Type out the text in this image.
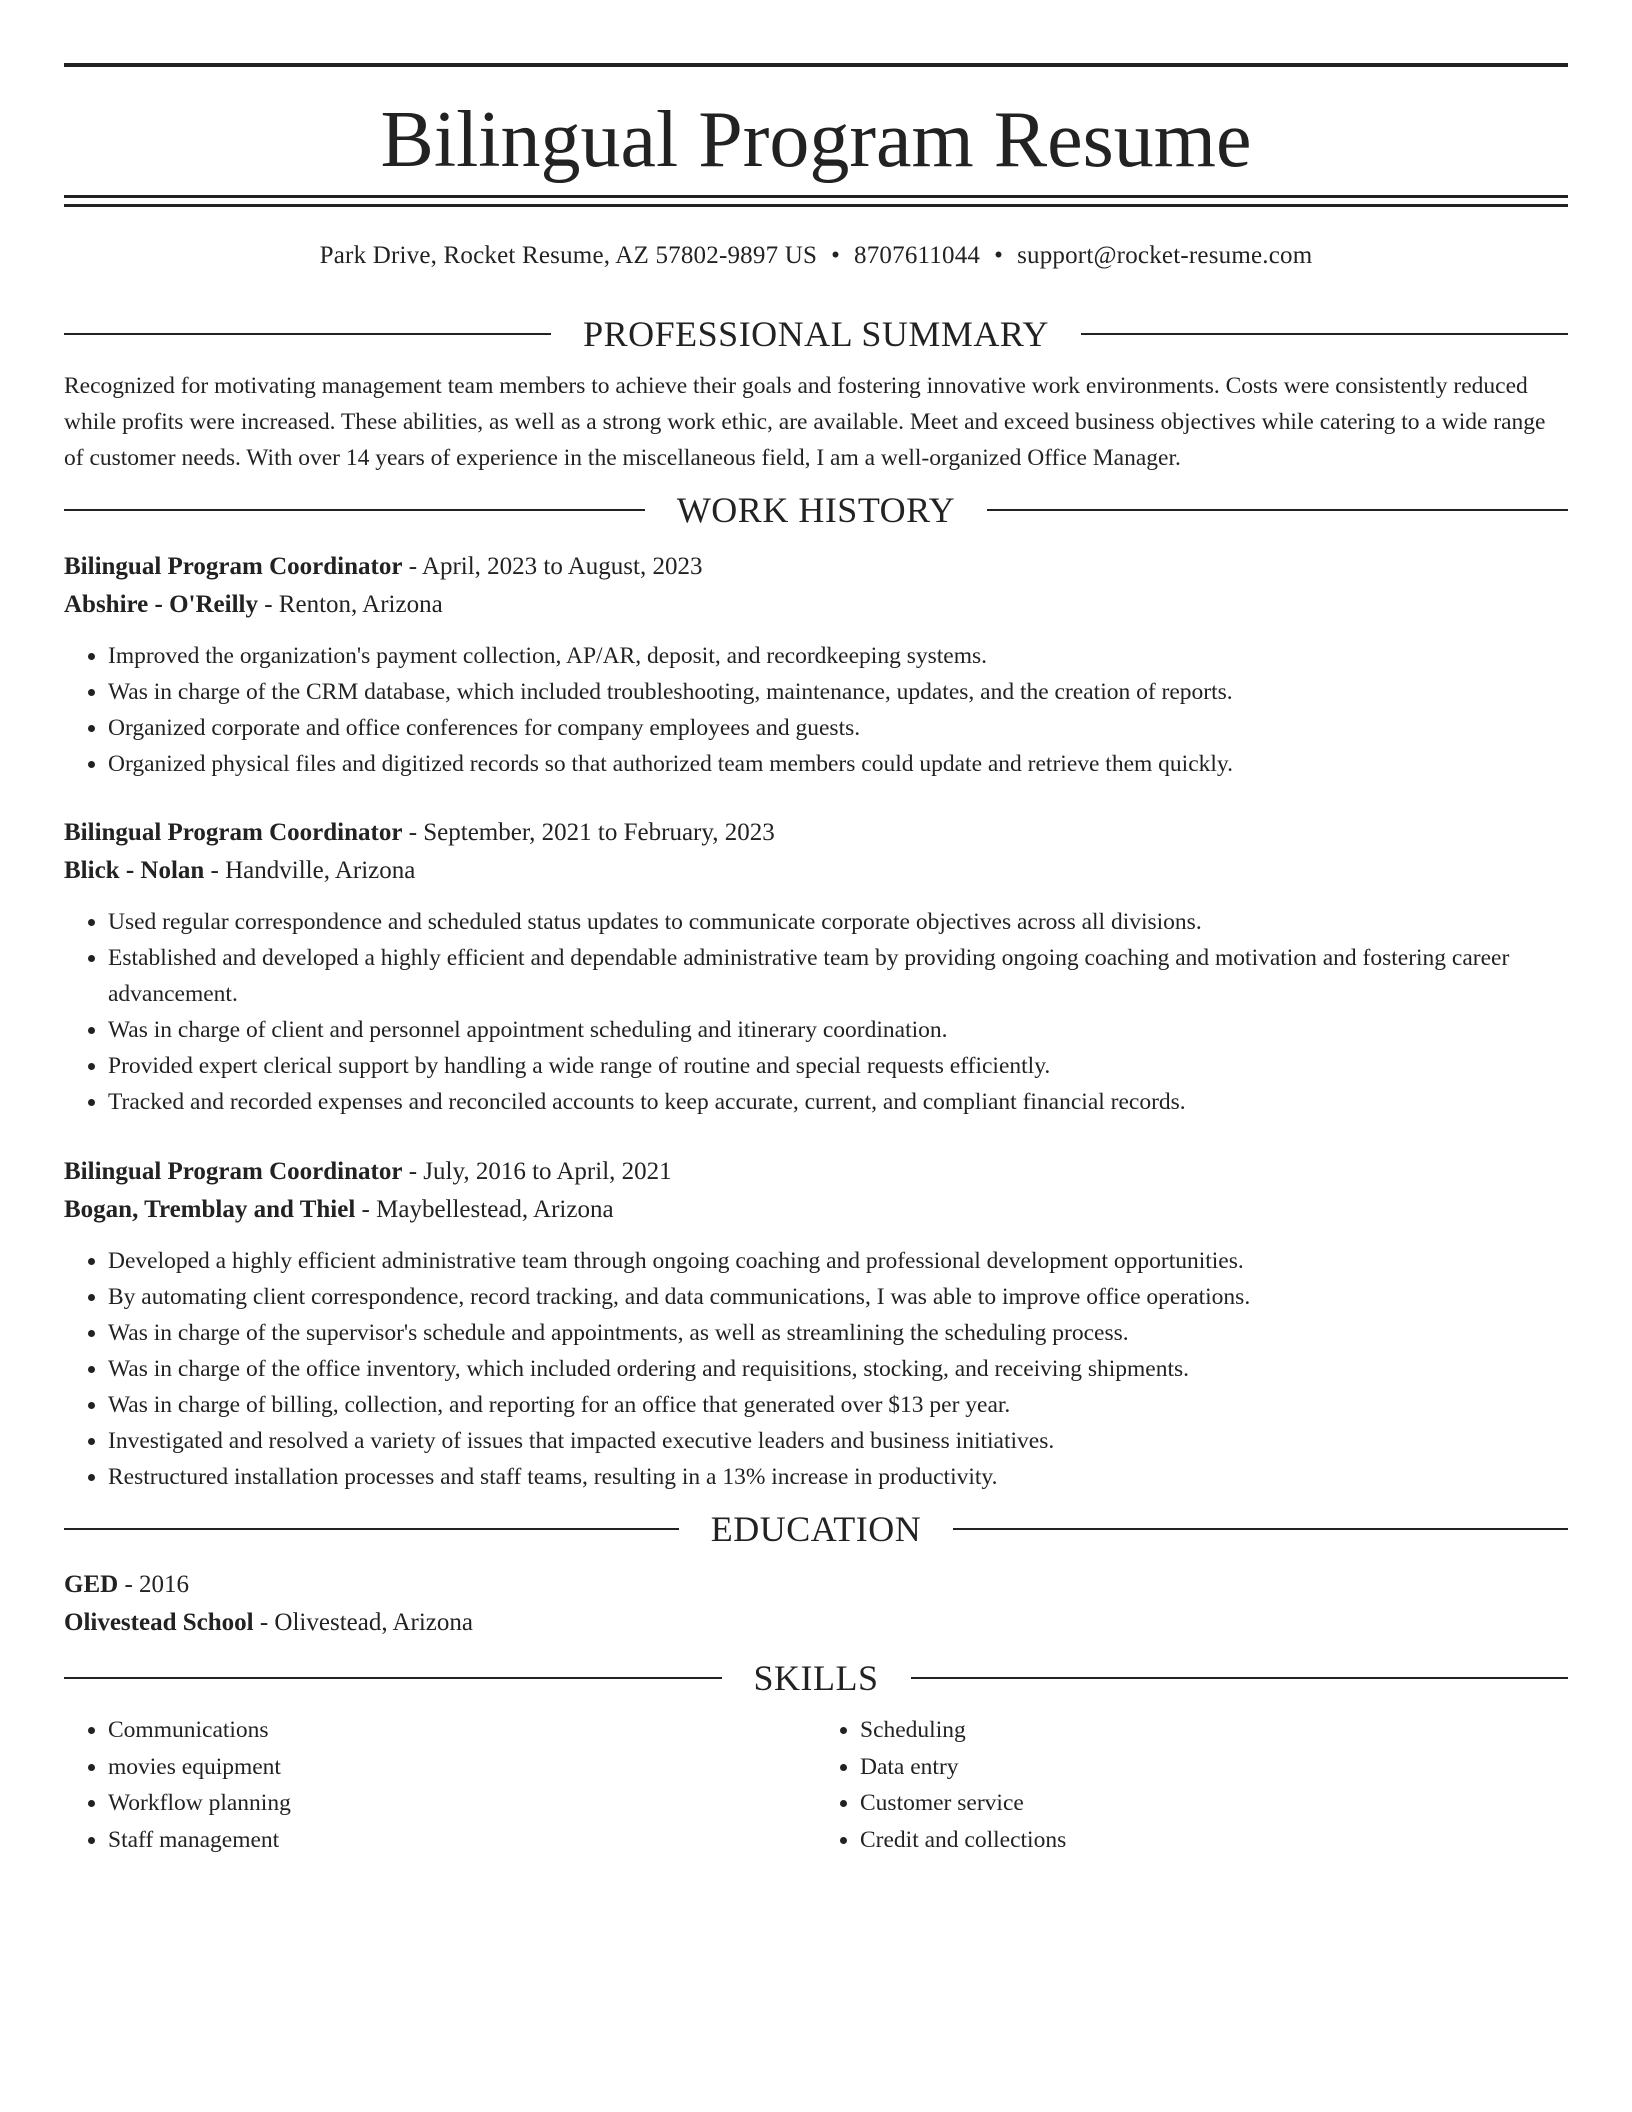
Bilingual Program Resume
Park Drive, Rocket Resume, AZ 57802-9897 US • 8707611044 • support@rocket-resume.com
PROFESSIONAL SUMMARY

Recognized for motivating management team members to achieve their goals and fostering innovative work environments. Costs were consistently reduced while profits were increased. These abilities, as well as a strong work ethic, are available. Meet and exceed business objectives while catering to a wide range of customer needs. With over 14 years of experience in the miscellaneous field, I am a well-organized Office Manager.

WORK HISTORY
Bilingual Program Coordinator - April, 2023 to August, 2023
Abshire - O'Reilly - Renton, Arizona
• Improved the organization's payment collection, AP/AR, deposit, and recordkeeping systems.
• Was in charge of the CRM database, which included troubleshooting, maintenance, updates, and the creation of reports.
• Organized corporate and office conferences for company employees and guests.
• Organized physical files and digitized records so that authorized team members could update and retrieve them quickly.
Bilingual Program Coordinator - September, 2021 to February, 2023
Blick - Nolan - Handville, Arizona
• Used regular correspondence and scheduled status updates to communicate corporate objectives across all divisions.
• Established and developed a highly efficient and dependable administrative team by providing ongoing coaching and motivation and fostering career advancement.
• Was in charge of client and personnel appointment scheduling and itinerary coordination.
• Provided expert clerical support by handling a wide range of routine and special requests efficiently.
• Tracked and recorded expenses and reconciled accounts to keep accurate, current, and compliant financial records.
Bilingual Program Coordinator - July, 2016 to April, 2021
Bogan, Tremblay and Thiel - Maybellestead, Arizona
• Developed a highly efficient administrative team through ongoing coaching and professional development opportunities.
• By automating client correspondence, record tracking, and data communications, I was able to improve office operations.
• Was in charge of the supervisor's schedule and appointments, as well as streamlining the scheduling process.
• Was in charge of the office inventory, which included ordering and requisitions, stocking, and receiving shipments.
• Was in charge of billing, collection, and reporting for an office that generated over $13 per year.
• Investigated and resolved a variety of issues that impacted executive leaders and business initiatives.
• Restructured installation processes and staff teams, resulting in a 13% increase in productivity.
EDUCATION
GED - 2016
Olivestead School - Olivestead, Arizona
SKILLS
• Communications
• movies equipment
• Workflow planning
• Staff management
• Scheduling
• Data entry
• Customer service
• Credit and collections
